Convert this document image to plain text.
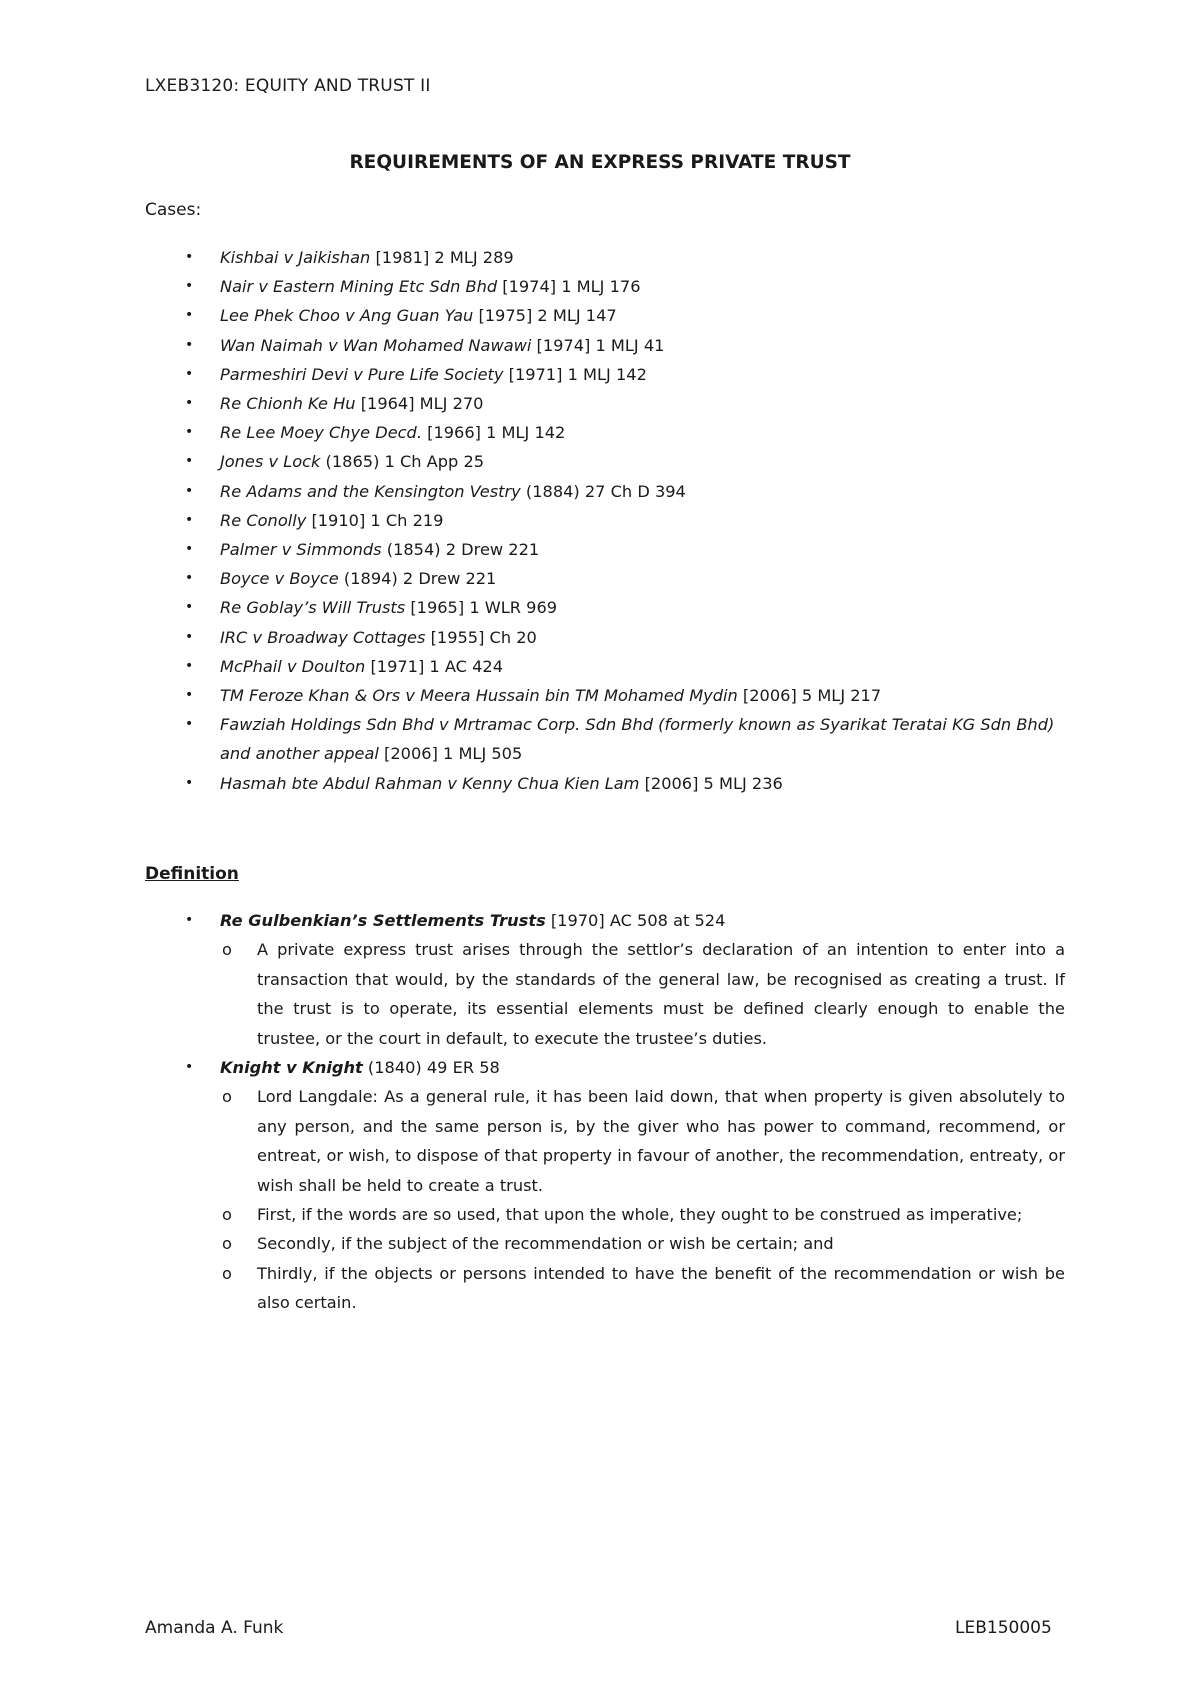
LXEB3120: EQUITY AND TRUST II
REQUIREMENTS OF AN EXPRESS PRIVATE TRUST
Cases:
• Kishbai v Jaikishan [1981] 2 MLJ 289
• Nair v Eastern Mining Etc Sdn Bhd [1974] 1 MLJ 176
• Lee Phek Choo v Ang Guan Yau [1975] 2 MLJ 147
• Wan Naimah v Wan Mohamed Nawawi [1974] 1 MLJ 41
• Parmeshiri Devi v Pure Life Society [1971] 1 MLJ 142
• Re Chionh Ke Hu [1964] MLJ 270
• Re Lee Moey Chye Decd. [1966] 1 MLJ 142
• Jones v Lock (1865) 1 Ch App 25
• Re Adams and the Kensington Vestry (1884) 27 Ch D 394
• Re Conolly [1910] 1 Ch 219
• Palmer v Simmonds (1854) 2 Drew 221
• Boyce v Boyce (1894) 2 Drew 221
• Re Goblay’s Will Trusts [1965] 1 WLR 969
• IRC v Broadway Cottages [1955] Ch 20
• McPhail v Doulton [1971] 1 AC 424
• TM Feroze Khan & Ors v Meera Hussain bin TM Mohamed Mydin [2006] 5 MLJ 217
• Fawziah Holdings Sdn Bhd v Mrtramac Corp. Sdn Bhd (formerly known as Syarikat Teratai KG Sdn Bhd) and another appeal [2006] 1 MLJ 505
• Hasmah bte Abdul Rahman v Kenny Chua Kien Lam [2006] 5 MLJ 236
Definition
• Re Gulbenkian’s Settlements Trusts [1970] AC 508 at 524
o A private express trust arises through the settlor’s declaration of an intention to enter into a transaction that would, by the standards of the general law, be recognised as creating a trust. If the trust is to operate, its essential elements must be defined clearly enough to enable the trustee, or the court in default, to execute the trustee’s duties.
• Knight v Knight (1840) 49 ER 58
o Lord Langdale: As a general rule, it has been laid down, that when property is given absolutely to any person, and the same person is, by the giver who has power to command, recommend, or entreat, or wish, to dispose of that property in favour of another, the recommendation, entreaty, or wish shall be held to create a trust.
o First, if the words are so used, that upon the whole, they ought to be construed as imperative;
o Secondly, if the subject of the recommendation or wish be certain; and
o Thirdly, if the objects or persons intended to have the benefit of the recommendation or wish be also certain.
Amanda A. Funk	LEB150005
